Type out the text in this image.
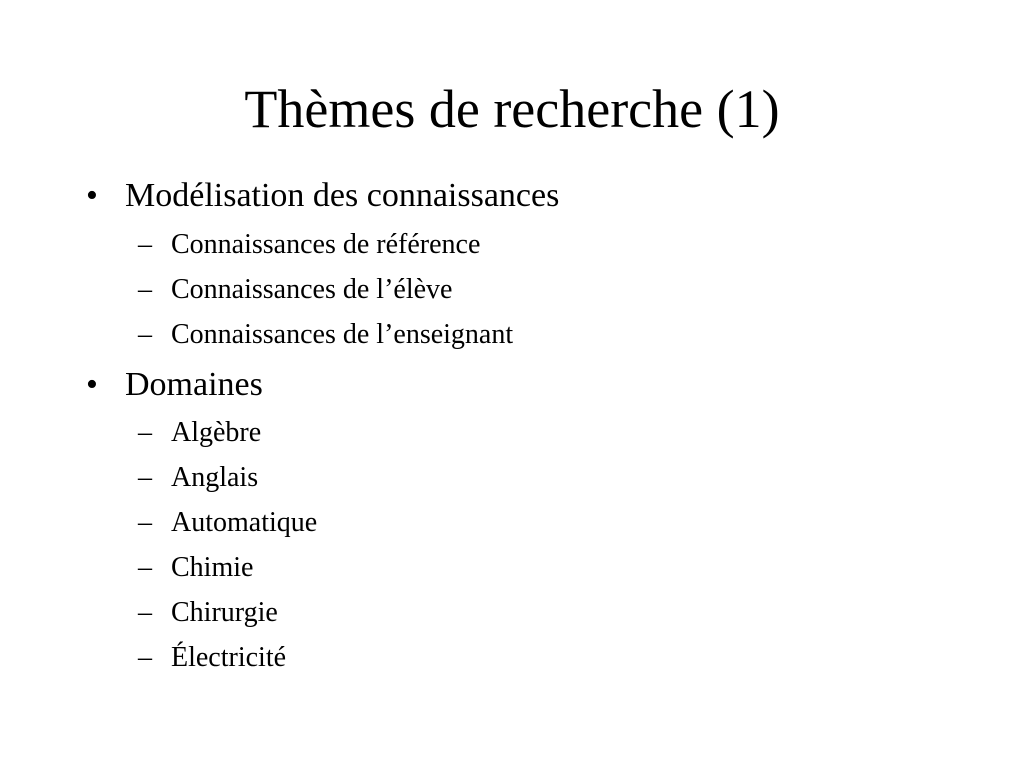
Thèmes de recherche (1)
• Modélisation des connaissances
– Connaissances de référence
– Connaissances de l’élève
– Connaissances de l’enseignant
• Domaines
– Algèbre
– Anglais
– Automatique
– Chimie
– Chirurgie
– Électricité
